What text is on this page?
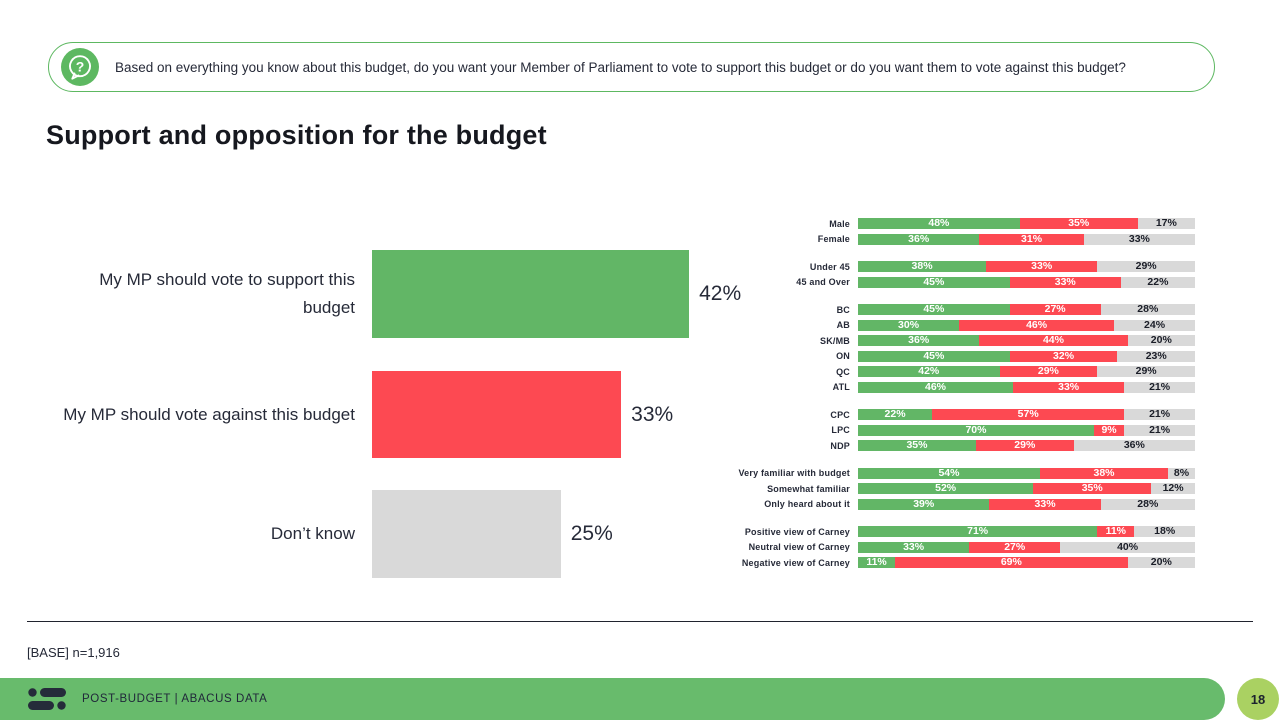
? Based on everything you know about this budget, do you want your Member of Parliament to vote to support this budget or do you want them to vote against this budget?
Support and opposition for the budget
My MP should vote to support this budget
42%
My MP should vote against this budget	33%
Don’t know	25%
Male	48%	35%	17%
Female	36%	31%	33%
Under 45	38%	33%	29%
45 and Over	45%	33%	22%
BC	45%	27%	28%
AB	30%	46%	24%
SK/MB	36%	44%	20%
ON	45%	32%	23%
QC	42%	29%	29%
ATL	46%	33%	21%
CPC	22%	57%	21%
LPC	70%	9%	21%
NDP	35%	29%	36%
Very familiar with budget	54%	38%	8%
Somewhat familiar	52%	35%	12%
Only heard about it	39%	33%	28%
Positive view of Carney	71%	11%	18%
Neutral view of Carney	33%	27%	40%
Negative view of Carney	11%	69%	20%
[BASE] n=1,916
POST-BUDGET | ABACUS DATA	18
